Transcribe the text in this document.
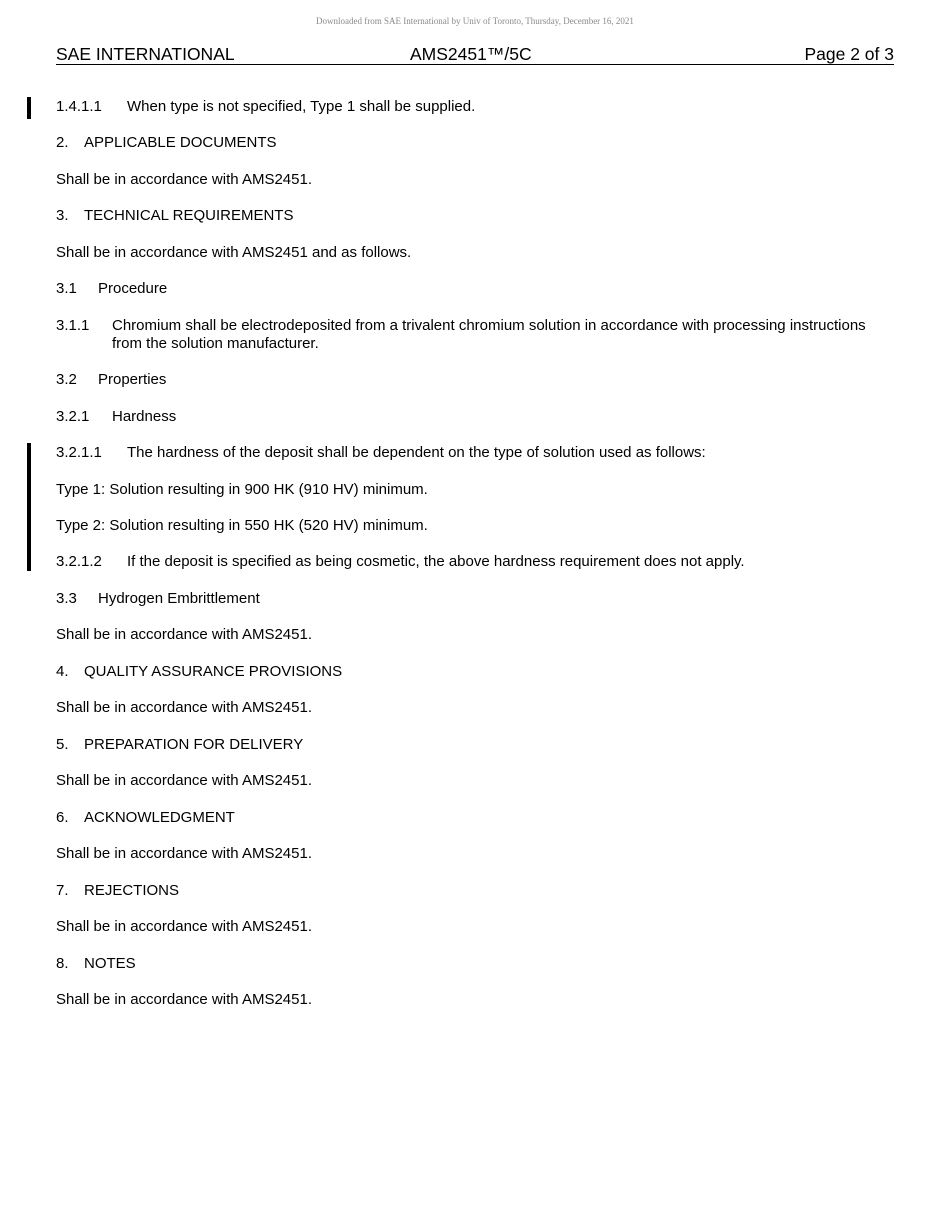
Downloaded from SAE International by Univ of Toronto, Thursday, December 16, 2021
SAE INTERNATIONAL	AMS2451™/5C	Page 2 of 3
1.4.1.1 When type is not specified, Type 1 shall be supplied.
2. APPLICABLE DOCUMENTS
Shall be in accordance with AMS2451.
3. TECHNICAL REQUIREMENTS
Shall be in accordance with AMS2451 and as follows.
3.1 Procedure
3.1.1 Chromium shall be electrodeposited from a trivalent chromium solution in accordance with processing instructions from the solution manufacturer.
3.2 Properties
3.2.1 Hardness
3.2.1.1 The hardness of the deposit shall be dependent on the type of solution used as follows:
Type 1: Solution resulting in 900 HK (910 HV) minimum.
Type 2: Solution resulting in 550 HK (520 HV) minimum.
3.2.1.2 If the deposit is specified as being cosmetic, the above hardness requirement does not apply.
3.3 Hydrogen Embrittlement
Shall be in accordance with AMS2451.
4. QUALITY ASSURANCE PROVISIONS
Shall be in accordance with AMS2451.
5. PREPARATION FOR DELIVERY
Shall be in accordance with AMS2451.
6. ACKNOWLEDGMENT
Shall be in accordance with AMS2451.
7. REJECTIONS
Shall be in accordance with AMS2451.
8. NOTES
Shall be in accordance with AMS2451.
